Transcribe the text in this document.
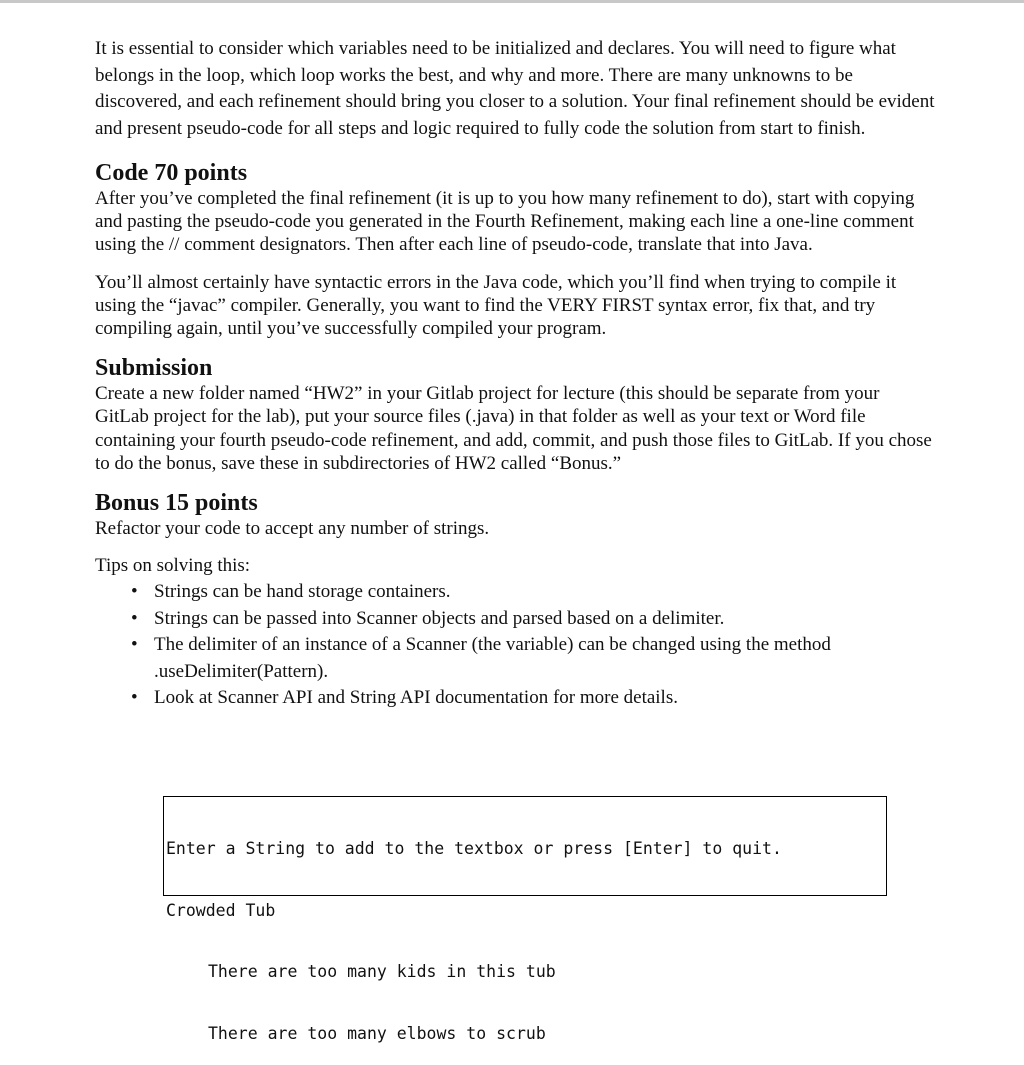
It is essential to consider which variables need to be initialized and declares. You will need to figure what belongs in the loop, which loop works the best, and why and more. There are many unknowns to be discovered, and each refinement should bring you closer to a solution. Your final refinement should be evident and present pseudo-code for all steps and logic required to fully code the solution from start to finish.

Code 70 points

After you’ve completed the final refinement (it is up to you how many refinement to do), start with copying and pasting the pseudo-code you generated in the Fourth Refinement, making each line a one-line comment using the // comment designators. Then after each line of pseudo-code, translate that into Java.

You’ll almost certainly have syntactic errors in the Java code, which you’ll find when trying to compile it using the “javac” compiler. Generally, you want to find the VERY FIRST syntax error, fix that, and try compiling again, until you’ve successfully compiled your program.

Submission

Create a new folder named “HW2” in your Gitlab project for lecture (this should be separate from your GitLab project for the lab), put your source files (.java) in that folder as well as your text or Word file containing your fourth pseudo-code refinement, and add, commit, and push those files to GitLab. If you chose to do the bonus, save these in subdirectories of HW2 called “Bonus.”

Bonus 15 points

Refactor your code to accept any number of strings.

Tips on solving this:

• Strings can be hand storage containers.
• Strings can be passed into Scanner objects and parsed based on a delimiter.
• The delimiter of an instance of a Scanner (the variable) can be changed using the method .useDelimiter(Pattern).
• Look at Scanner API and String API documentation for more details.

Enter a String to add to the textbox or press [Enter] to quit.

Crowded Tub

There are too many kids in this tub

There are too many elbows to scrub
